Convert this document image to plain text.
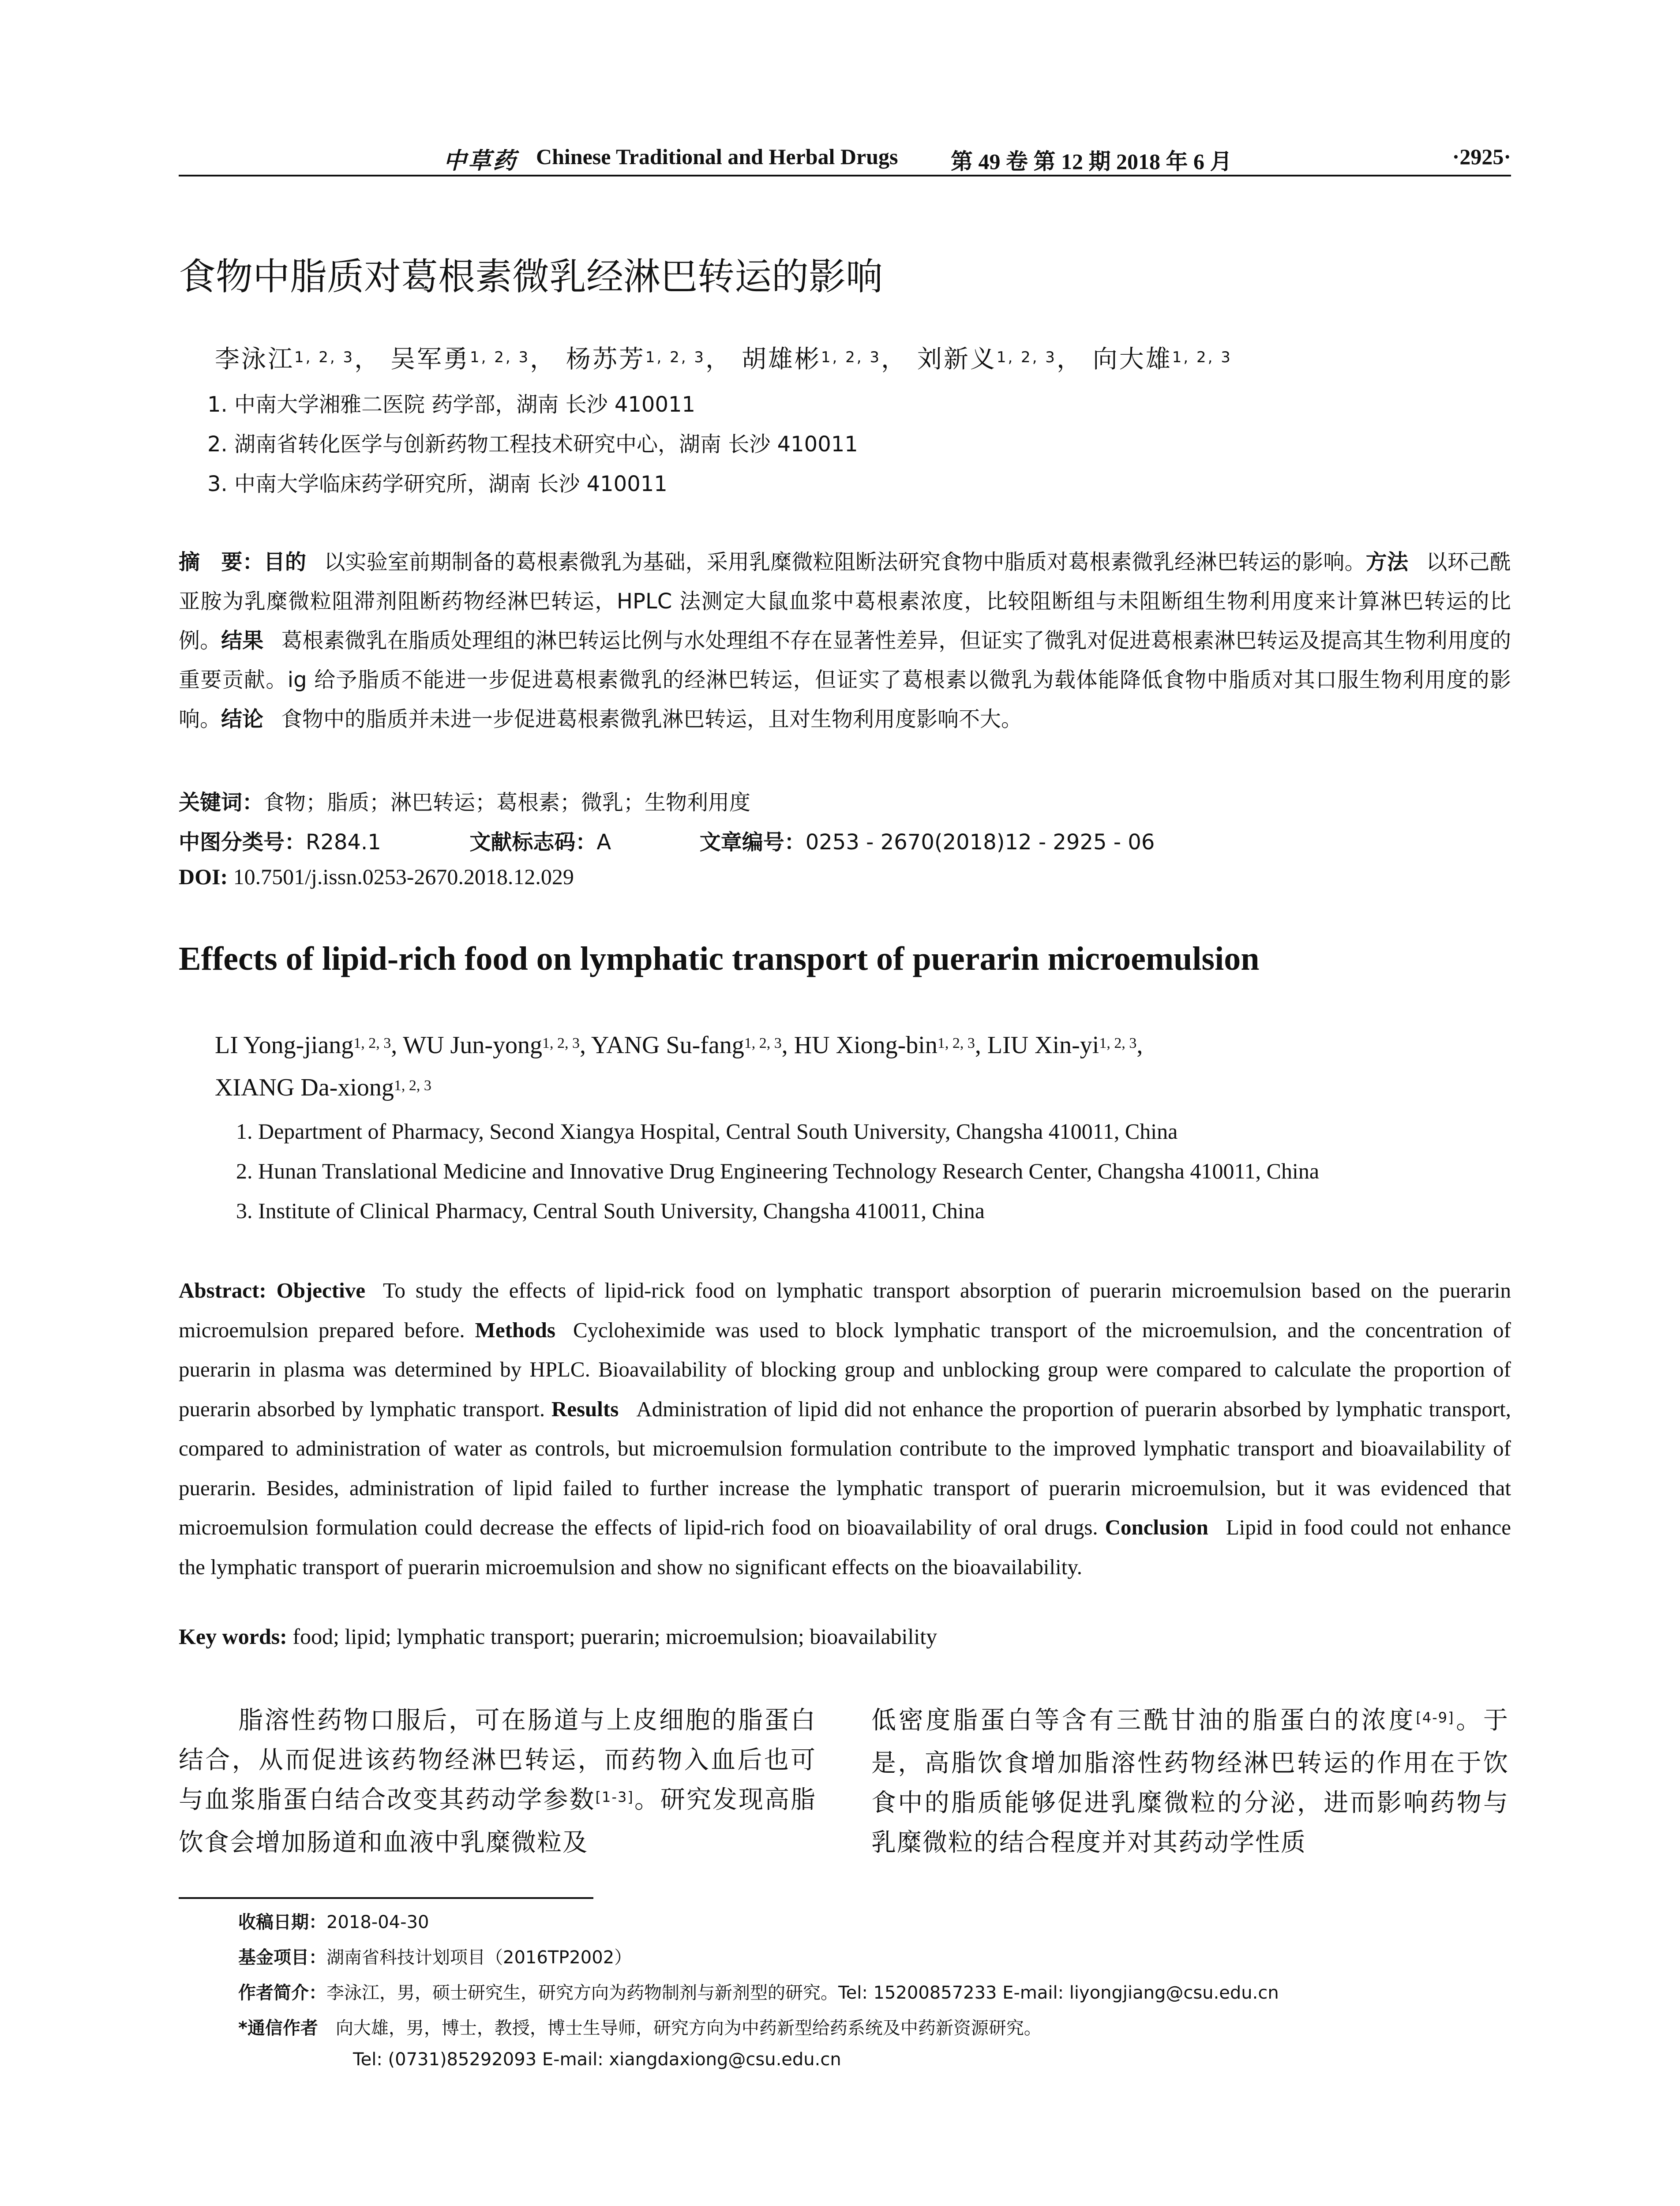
中草药 Chinese Traditional and Herbal Drugs 第 49 卷 第 12 期 2018 年 6 月	·2925·
食物中脂质对葛根素微乳经淋巴转运的影响
李泳江$^{1, 2, 3}$， 吴军勇$^{1, 2, 3}$， 杨苏芳$^{1, 2, 3}$， 胡雄彬$^{1, 2, 3}$， 刘新义$^{1, 2, 3}$， 向大雄$^{1, 2, 3}$
1. 中南大学湘雅二医院 药学部，湖南 长沙 410011
2. 湖南省转化医学与创新药物工程技术研究中心，湖南 长沙 410011
3. 中南大学临床药学研究所，湖南 长沙 410011
摘　要：目的 以实验室前期制备的葛根素微乳为基础，采用乳糜微粒阻断法研究食物中脂质对葛根素微乳经淋巴转运的影响。方法 以环己酰亚胺为乳糜微粒阻滞剂阻断药物经淋巴转运，HPLC 法测定大鼠血浆中葛根素浓度，比较阻断组与未阻断组生物利用度来计算淋巴转运的比例。结果 葛根素微乳在脂质处理组的淋巴转运比例与水处理组不存在显著性差异，但证实了微乳对促进葛根素淋巴转运及提高其生物利用度的重要贡献。ig 给予脂质不能进一步促进葛根素微乳的经淋巴转运，但证实了葛根素以微乳为载体能降低食物中脂质对其口服生物利用度的影响。结论 食物中的脂质并未进一步促进葛根素微乳淋巴转运，且对生物利用度影响不大。
关键词：食物；脂质；淋巴转运；葛根素；微乳；生物利用度
中图分类号：R284.1	文献标志码：A	文章编号：0253 - 2670(2018)12 - 2925 - 06
DOI: 10.7501/j.issn.0253-2670.2018.12.029
Effects of lipid-rich food on lymphatic transport of puerarin microemulsion
LI Yong-jiang$^{1, 2, 3}$, WU Jun-yong$^{1, 2, 3}$, YANG Su-fang$^{1, 2, 3}$, HU Xiong-bin$^{1, 2, 3}$, LIU Xin-yi$^{1, 2, 3}$,
XIANG Da-xiong$^{1, 2, 3}$
1. Department of Pharmacy, Second Xiangya Hospital, Central South University, Changsha 410011, China
2. Hunan Translational Medicine and Innovative Drug Engineering Technology Research Center, Changsha 410011, China
3. Institute of Clinical Pharmacy, Central South University, Changsha 410011, China
Abstract: Objective To study the effects of lipid-rick food on lymphatic transport absorption of puerarin microemulsion based on the puerarin microemulsion prepared before. Methods Cycloheximide was used to block lymphatic transport of the microemulsion, and the concentration of puerarin in plasma was determined by HPLC. Bioavailability of blocking group and unblocking group were compared to calculate the proportion of puerarin absorbed by lymphatic transport. Results Administration of lipid did not enhance the proportion of puerarin absorbed by lymphatic transport, compared to administration of water as controls, but microemulsion formulation contribute to the improved lymphatic transport and bioavailability of puerarin. Besides, administration of lipid failed to further increase the lymphatic transport of puerarin microemulsion, but it was evidenced that microemulsion formulation could decrease the effects of lipid-rich food on bioavailability of oral drugs. Conclusion Lipid in food could not enhance the lymphatic transport of puerarin microemulsion and show no significant effects on the bioavailability.
Key words: food; lipid; lymphatic transport; puerarin; microemulsion; bioavailability
脂溶性药物口服后，可在肠道与上皮细胞的脂蛋白结合，从而促进该药物经淋巴转运，而药物入血后也可与血浆脂蛋白结合改变其药动学参数[1-3]。研究发现高脂饮食会增加肠道和血液中乳糜微粒及
低密度脂蛋白等含有三酰甘油的脂蛋白的浓度[4-9]。于是，高脂饮食增加脂溶性药物经淋巴转运的作用在于饮食中的脂质能够促进乳糜微粒的分泌，进而影响药物与乳糜微粒的结合程度并对其药动学性质
收稿日期：2018-04-30
基金项目：湖南省科技计划项目（2016TP2002）
作者简介：李泳江，男，硕士研究生，研究方向为药物制剂与新剂型的研究。Tel: 15200857233 E-mail: liyongjiang@csu.edu.cn
*通信作者　 向大雄，男，博士，教授，博士生导师，研究方向为中药新型给药系统及中药新资源研究。
Tel: (0731)85292093 E-mail: xiangdaxiong@csu.edu.cn
